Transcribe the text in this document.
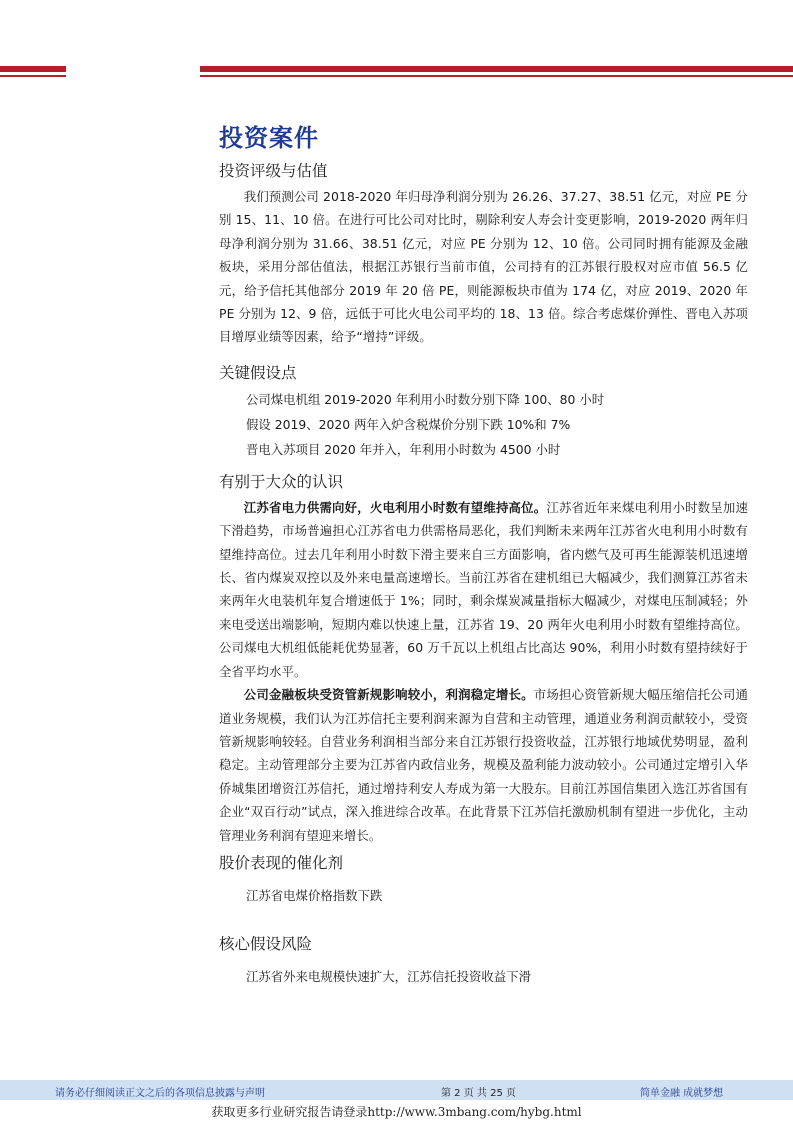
投资案件
投资评级与估值

我们预测公司 2018-2020 年归母净利润分别为 26.26、37.27、38.51 亿元，对应 PE 分别 15、11、10 倍。在进行可比公司对比时，剔除利安人寿会计变更影响，2019-2020 两年归母净利润分别为 31.66、38.51 亿元，对应 PE 分别为 12、10 倍。公司同时拥有能源及金融板块，采用分部估值法，根据江苏银行当前市值，公司持有的江苏银行股权对应市值 56.5 亿元，给予信托其他部分 2019 年 20 倍 PE，则能源板块市值为 174 亿，对应 2019、2020 年 PE 分别为 12、9 倍，远低于可比火电公司平均的 18、13 倍。综合考虑煤价弹性、晋电入苏项目增厚业绩等因素，给予“增持”评级。

关键假设点
公司煤电机组 2019-2020 年利用小时数分别下降 100、80 小时
假设 2019、2020 两年入炉含税煤价分别下跌 10%和 7%
晋电入苏项目 2020 年并入，年利用小时数为 4500 小时
有别于大众的认识

江苏省电力供需向好，火电利用小时数有望维持高位。江苏省近年来煤电利用小时数呈加速下滑趋势，市场普遍担心江苏省电力供需格局恶化，我们判断未来两年江苏省火电利用小时数有望维持高位。过去几年利用小时数下滑主要来自三方面影响，省内燃气及可再生能源装机迅速增长、省内煤炭双控以及外来电量高速增长。当前江苏省在建机组已大幅减少，我们测算江苏省未来两年火电装机年复合增速低于 1%；同时，剩余煤炭减量指标大幅减少，对煤电压制减轻；外来电受送出端影响，短期内难以快速上量，江苏省 19、20 两年火电利用小时数有望维持高位。公司煤电大机组低能耗优势显著，60 万千瓦以上机组占比高达 90%，利用小时数有望持续好于全省平均水平。

公司金融板块受资管新规影响较小，利润稳定增长。市场担心资管新规大幅压缩信托公司通道业务规模，我们认为江苏信托主要利润来源为自营和主动管理，通道业务利润贡献较小，受资管新规影响较轻。自营业务利润相当部分来自江苏银行投资收益，江苏银行地域优势明显，盈利稳定。主动管理部分主要为江苏省内政信业务，规模及盈利能力波动较小。公司通过定增引入华侨城集团增资江苏信托，通过增持利安人寿成为第一大股东。目前江苏国信集团入选江苏省国有企业“双百行动”试点，深入推进综合改革。在此背景下江苏信托激励机制有望进一步优化，主动管理业务利润有望迎来增长。

股价表现的催化剂
江苏省电煤价格指数下跌
核心假设风险
江苏省外来电规模快速扩大，江苏信托投资收益下滑
请务必仔细阅读正文之后的各项信息披露与声明	第 2 页 共 25 页	简单金融 成就梦想
获取更多行业研究报告请登录http://www.3mbang.com/hybg.html
